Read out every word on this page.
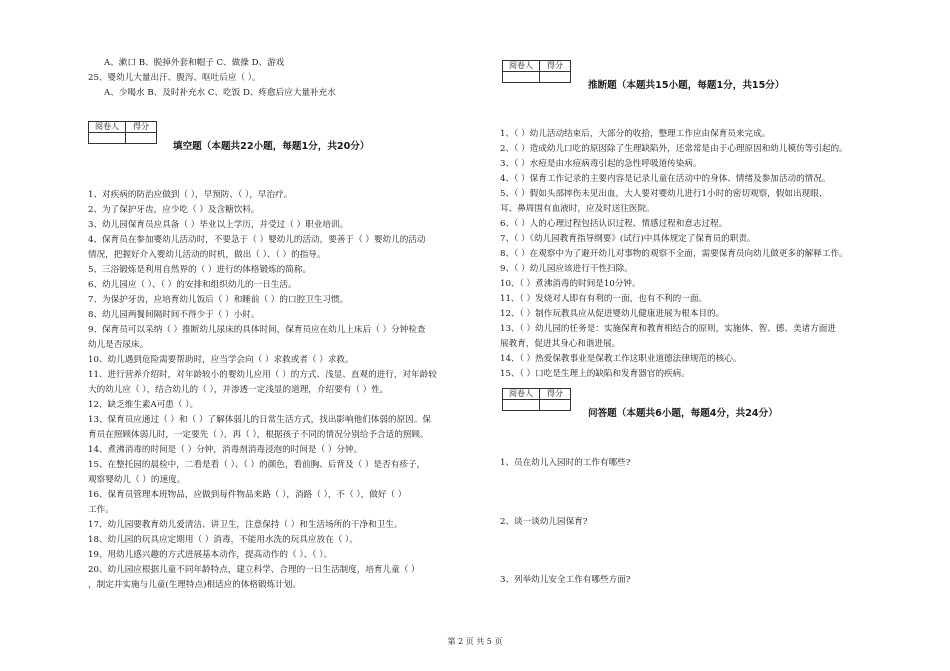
A、漱口 B、脱掉外套和帽子 C、做操 D、游戏
25、婴幼儿大量出汗、腹泻、呕吐后应（ ）。
A、少喝水 B、及时补充水 C、吃饭 D、疼愈后应大量补充水
阅卷人	得分

填空题（本题共22小题，每题1分，共20分）
1、对疾病的防治应做到（ ），早预防、（ ），早治疗。
2、为了保护牙齿，应少吃（ ）及含糖饮料。
3、幼儿园保育员应具备（ ）毕业以上学历，并受过（ ）职业培训。
4、保育员在参加婴幼儿活动时，不要急于（ ）婴幼儿的活动，要善于（ ）婴幼儿的活动
情况，把握好介入婴幼儿活动的时机，做出（ ）、（ ）的指导。
5、三浴锻炼是利用自然界的（ ）进行的体格锻炼的简称。
6、幼儿园应（ ）、（ ）的安排和组织幼儿的一日生活。
7、为保护牙齿，应培育幼儿饭后（ ）和睡前（ ）的口腔卫生习惯。
8、幼儿园两餐间隔时间不得少于（ ）小时。
9、保育员可以采纳（ ）推断幼儿尿床的具体时间，保育员应在幼儿上床后（ ）分钟检查
幼儿是否尿床。
10、幼儿遇到危险需要帮助时，应当学会向（ ）求救或者（ ）求救。
11、进行营养介绍时，对年龄较小的婴幼儿应用（ ）的方式、浅显、直观的进行，对年龄较
大的幼儿应（ ），结合幼儿的（ ），并渗透一定浅显的道理，介绍要有（ ）性。
12、缺乏维生素A可患（ ）。
13、保育员应通过（ ）和（ ）了解体弱儿的日常生活方式，找出影响他们体弱的原因。保
育员在照顾体弱儿时，一定要先（ ），再（ ），根据孩子不同的情况分别给予合适的照顾。
14、煮沸消毒的时间是（ ）分钟，消毒剂消毒浸泡的时间是（ ）分钟。
15、在整托园的晨检中，二看是看（ ）、（ ）的颜色，看前胸、后背及（ ）是否有疹子，
观察婴幼儿（ ）的速度。
16、保育员管理本班物品，应做到每件物品来路（ ），消路（ ），不（ ），做好（ ）
工作。
17、幼儿园要教育幼儿爱清洁、讲卫生，注意保持（ ）和生活场所的干净和卫生。
18、幼儿园的玩具应定期用（ ）消毒，不能用水洗的玩具应放在（ ）。
19、用幼儿感兴趣的方式进展基本动作，提高动作的（ ）、（ ）。
20、幼儿园应根据儿童不同年龄特点，建立科学、合理的一日生活制度，培育儿童（ ）
，制定并实施与儿童(生理特点)相适应的体格锻炼计划。
阅卷人	得分

推断题（本题共15小题，每题1分，共15分）
1、（ ）幼儿活动结束后，大部分的收拾，整理工作应由保育员来完成。
2、（ ）造成幼儿口吃的原因除了生理缺陷外，还常常是由于心理原因和幼儿模仿等引起的。
3、（ ）水痘是由水痘病毒引起的急性呼吸道传染病。
4、（ ）保育工作记录的主要内容是记录儿童在活动中的身体、情绪及参加活动的情况。
5、（ ）假如头部摔伤未见出血，大人要对婴幼儿进行1小时的密切观察，假如出现眼、
耳、鼻周围有血液时，应及时送往医院。
6、（ ）人的心理过程包括认识过程、情感过程和意志过程。
7、（ ）《幼儿园教育指导纲要》(试行)中具体规定了保育员的职责。
8、（ ）在观察中为了避开幼儿对事物的观察不全面，需要保育员向幼儿做更多的解释工作。
9、（ ）幼儿园应该进行干性扫除。
10、（ ）煮沸消毒的时间是10分钟。
11、（ ）发烧对人即有有利的一面，也有不利的一面。
12、（ ）制作玩教具应从促进婴幼儿健康进展为根本目的。
13、（ ）幼儿园的任务是：实施保育和教育相结合的原则，实施体、智、德、美诸方面进
展教育，促进其身心和谐进展。
14、（ ）热爱保教事业是保教工作这职业道德法律规范的核心。
15、（ ）口吃是生理上的缺陷和发育器官的疾病。
阅卷人	得分

问答题（本题共6小题，每题4分，共24分）
1、员在幼儿入园时的工作有哪些?
2、谈一谈幼儿园保育?
3、列举幼儿安全工作有哪些方面?
第 2 页 共 5 页
